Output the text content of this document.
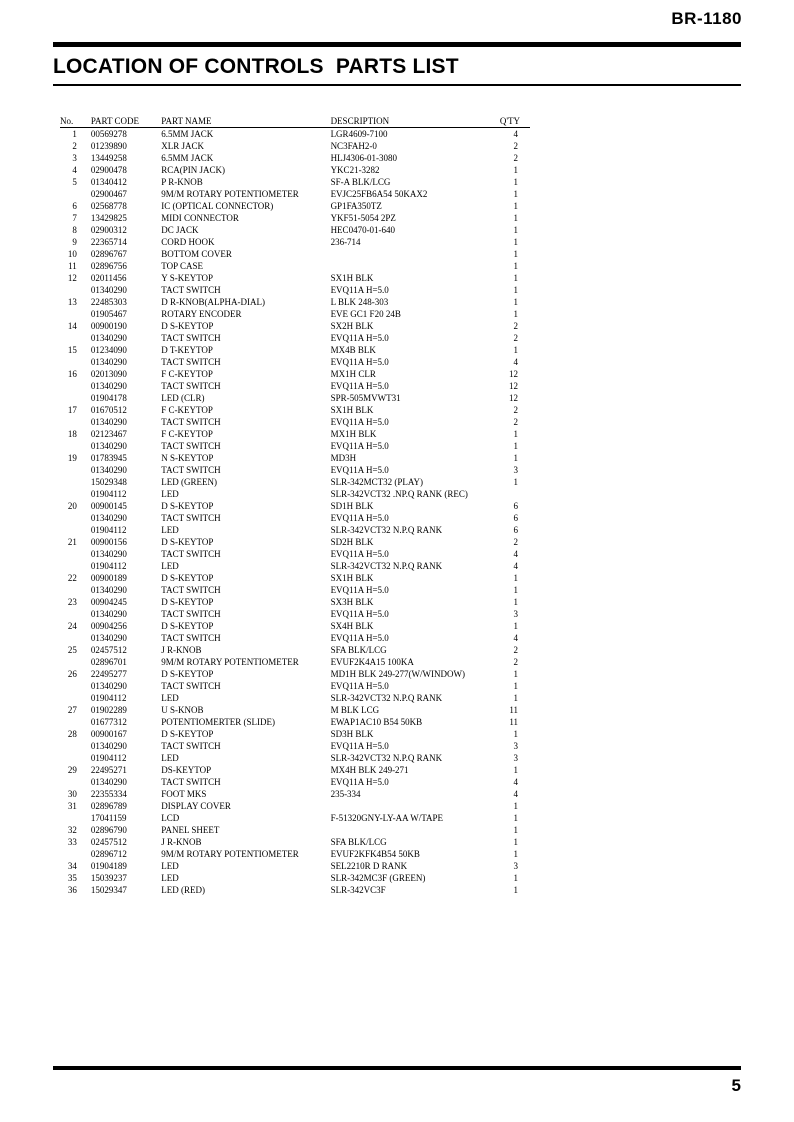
BR-1180
LOCATION OF CONTROLS  PARTS LIST
No.	PART CODE	PART NAME	DESCRIPTION	Q'TY
1	00569278	6.5MM JACK	LGR4609-7100	4
2	01239890	XLR JACK	NC3FAH2-0	2
3	13449258	6.5MM JACK	HLJ4306-01-3080	2
4	02900478	RCA(PIN JACK)	YKC21-3282	1
5	01340412	P R-KNOB	SF-A BLK/LCG	1
	02900467	9M/M ROTARY POTENTIOMETER	EVJC25FB6A54 50KAX2	1
6	02568778	IC (OPTICAL CONNECTOR)	GP1FA350TZ	1
7	13429825	MIDI CONNECTOR	YKF51-5054 2PZ	1
8	02900312	DC JACK	HEC0470-01-640	1
9	22365714	CORD HOOK	236-714	1
10	02896767	BOTTOM COVER		1
11	02896756	TOP CASE		1
12	02011456	Y S-KEYTOP	SX1H BLK	1
	01340290	TACT SWITCH	EVQ11A H=5.0	1
13	22485303	D R-KNOB(ALPHA-DIAL)	L BLK 248-303	1
	01905467	ROTARY ENCODER	EVE GC1 F20 24B	1
14	00900190	D S-KEYTOP	SX2H BLK	2
	01340290	TACT SWITCH	EVQ11A H=5.0	2
15	01234090	D T-KEYTOP	MX4B BLK	1
	01340290	TACT SWITCH	EVQ11A H=5.0	4
16	02013090	F C-KEYTOP	MX1H CLR	12
	01340290	TACT SWITCH	EVQ11A H=5.0	12
	01904178	LED (CLR)	SPR-505MVWT31	12
17	01670512	F C-KEYTOP	SX1H BLK	2
	01340290	TACT SWITCH	EVQ11A H=5.0	2
18	02123467	F C-KEYTOP	MX1H BLK	1
	01340290	TACT SWITCH	EVQ11A H=5.0	1
19	01783945	N S-KEYTOP	MD3H	1
	01340290	TACT SWITCH	EVQ11A H=5.0	3
	15029348	LED (GREEN)	SLR-342MCT32 (PLAY)	1
	01904112	LED	SLR-342VCT32 .NP.Q RANK (REC)	
20	00900145	D S-KEYTOP	SD1H BLK	6
	01340290	TACT SWITCH	EVQ11A H=5.0	6
	01904112	LED	SLR-342VCT32 N.P.Q RANK	6
21	00900156	D S-KEYTOP	SD2H BLK	2
	01340290	TACT SWITCH	EVQ11A H=5.0	4
	01904112	LED	SLR-342VCT32 N.P.Q RANK	4
22	00900189	D S-KEYTOP	SX1H BLK	1
	01340290	TACT SWITCH	EVQ11A H=5.0	1
23	00904245	D S-KEYTOP	SX3H BLK	1
	01340290	TACT SWITCH	EVQ11A H=5.0	3
24	00904256	D S-KEYTOP	SX4H BLK	1
	01340290	TACT SWITCH	EVQ11A H=5.0	4
25	02457512	J R-KNOB	SFA BLK/LCG	2
	02896701	9M/M ROTARY POTENTIOMETER	EVUF2K4A15 100KA	2
26	22495277	D S-KEYTOP	MD1H BLK 249-277(W/WINDOW)	1
	01340290	TACT SWITCH	EVQ11A H=5.0	1
	01904112	LED	SLR-342VCT32 N.P.Q RANK	1
27	01902289	U S-KNOB	M BLK LCG	11
	01677312	POTENTIOMERTER (SLIDE)	EWAP1AC10 B54 50KB	11
28	00900167	D S-KEYTOP	SD3H BLK	1
	01340290	TACT SWITCH	EVQ11A H=5.0	3
	01904112	LED	SLR-342VCT32 N.P.Q RANK	3
29	22495271	DS-KEYTOP	MX4H BLK 249-271	1
	01340290	TACT SWITCH	EVQ11A H=5.0	4
30	22355334	FOOT MKS	235-334	4
31	02896789	DISPLAY COVER		1
	17041159	LCD	F-51320GNY-LY-AA W/TAPE	1
32	02896790	PANEL SHEET		1
33	02457512	J R-KNOB	SFA BLK/LCG	1
	02896712	9M/M ROTARY POTENTIOMETER	EVUF2KFK4B54 50KB	1
34	01904189	LED	SEL2210R D RANK	3
35	15039237	LED	SLR-342MC3F (GREEN)	1
36	15029347	LED (RED)	SLR-342VC3F	1
5
